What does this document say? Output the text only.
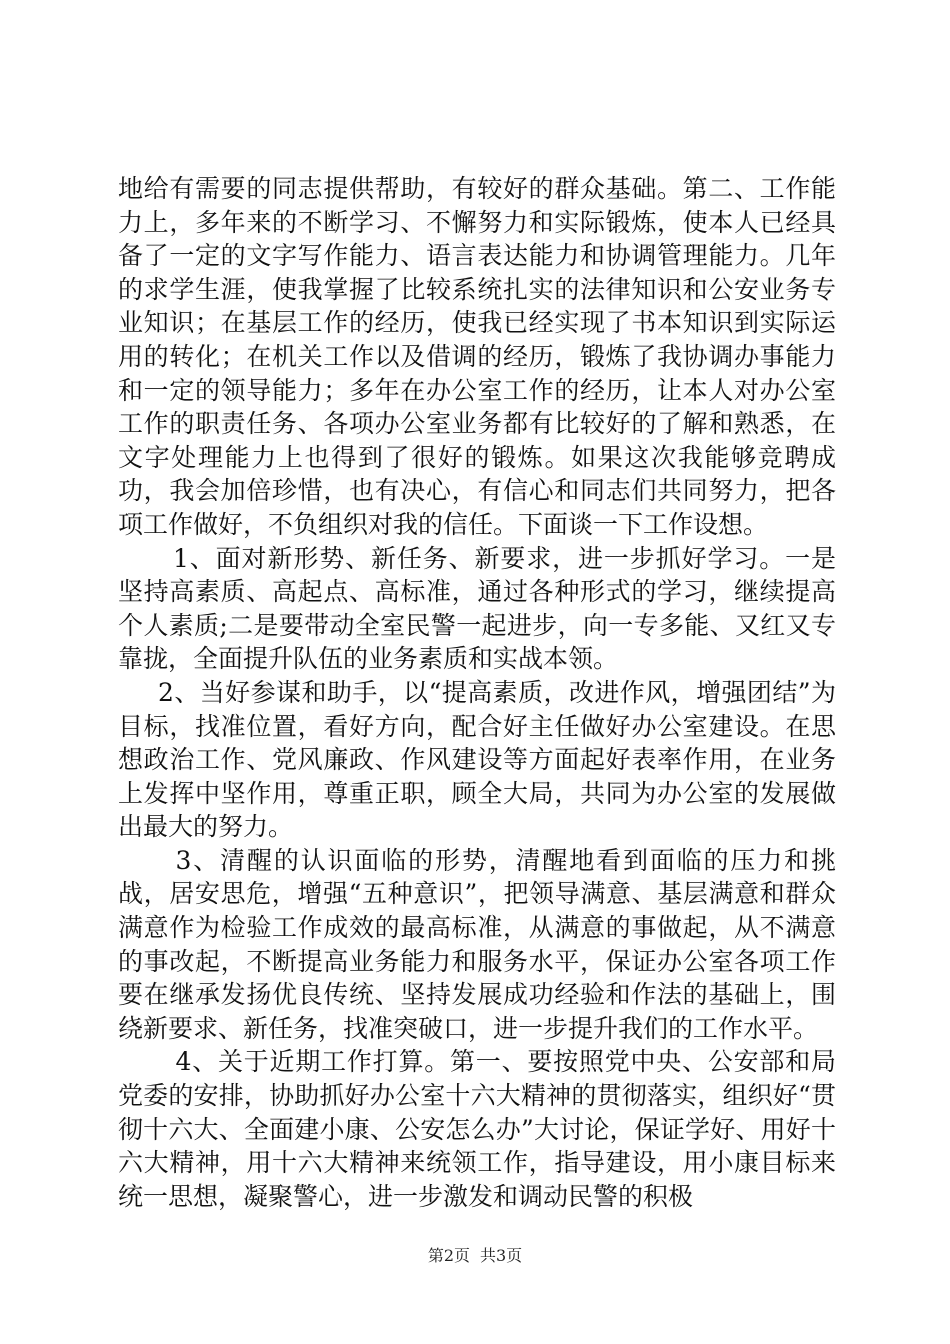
地给有需要的同志提供帮助，有较好的群众基础。第二、工作能力上，多年来的不断学习、不懈努力和实际锻炼，使本人已经具备了一定的文字写作能力、语言表达能力和协调管理能力。几年的求学生涯，使我掌握了比较系统扎实的法律知识和公安业务专业知识；在基层工作的经历，使我已经实现了书本知识到实际运用的转化；在机关工作以及借调的经历，锻炼了我协调办事能力和一定的领导能力；多年在办公室工作的经历，让本人对办公室工作的职责任务、各项办公室业务都有比较好的了解和熟悉，在文字处理能力上也得到了很好的锻炼。如果这次我能够竞聘成功，我会加倍珍惜，也有决心，有信心和同志们共同努力，把各项工作做好，不负组织对我的信任。下面谈一下工作设想。

1、面对新形势、新任务、新要求，进一步抓好学习。一是坚持高素质、高起点、高标准，通过各种形式的学习，继续提高个人素质;二是要带动全室民警一起进步，向一专多能、又红又专靠拢，全面提升队伍的业务素质和实战本领。

2、当好参谋和助手，以“提高素质，改进作风，增强团结”为目标，找准位置，看好方向，配合好主任做好办公室建设。在思想政治工作、党风廉政、作风建设等方面起好表率作用，在业务上发挥中坚作用，尊重正职，顾全大局，共同为办公室的发展做出最大的努力。

3、清醒的认识面临的形势，清醒地看到面临的压力和挑战，居安思危，增强“五种意识”，把领导满意、基层满意和群众满意作为检验工作成效的最高标准，从满意的事做起，从不满意的事改起，不断提高业务能力和服务水平，保证办公室各项工作要在继承发扬优良传统、坚持发展成功经验和作法的基础上，围绕新要求、新任务，找准突破口，进一步提升我们的工作水平。

4、关于近期工作打算。第一、要按照党中央、公安部和局党委的安排，协助抓好办公室十六大精神的贯彻落实，组织好“贯彻十六大、全面建小康、公安怎么办”大讨论，保证学好、用好十六大精神，用十六大精神来统领工作，指导建设，用小康目标来统一思想，凝聚警心，进一步激发和调动民警的积极

第2页 共3页
